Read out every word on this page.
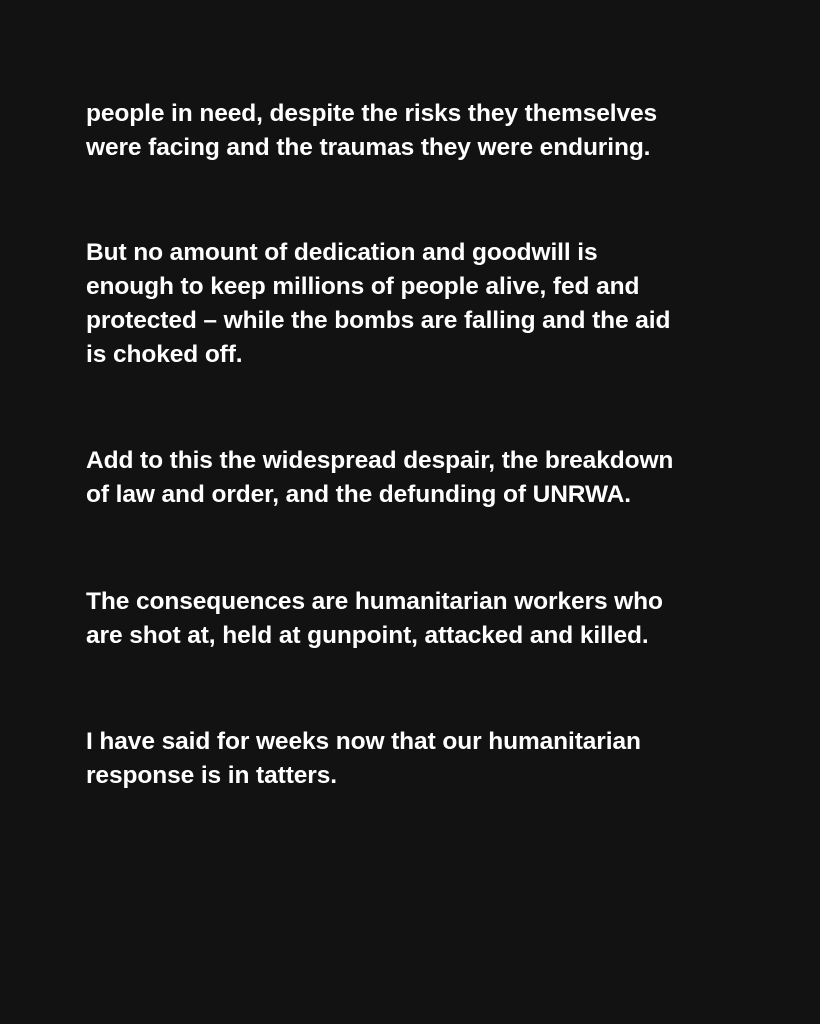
people in need, despite the risks they themselves
were facing and the traumas they were enduring.

But no amount of dedication and goodwill is
enough to keep millions of people alive, fed and
protected – while the bombs are falling and the aid
is choked off.

Add to this the widespread despair, the breakdown
of law and order, and the defunding of UNRWA.

The consequences are humanitarian workers who
are shot at, held at gunpoint, attacked and killed.

I have said for weeks now that our humanitarian
response is in tatters.
